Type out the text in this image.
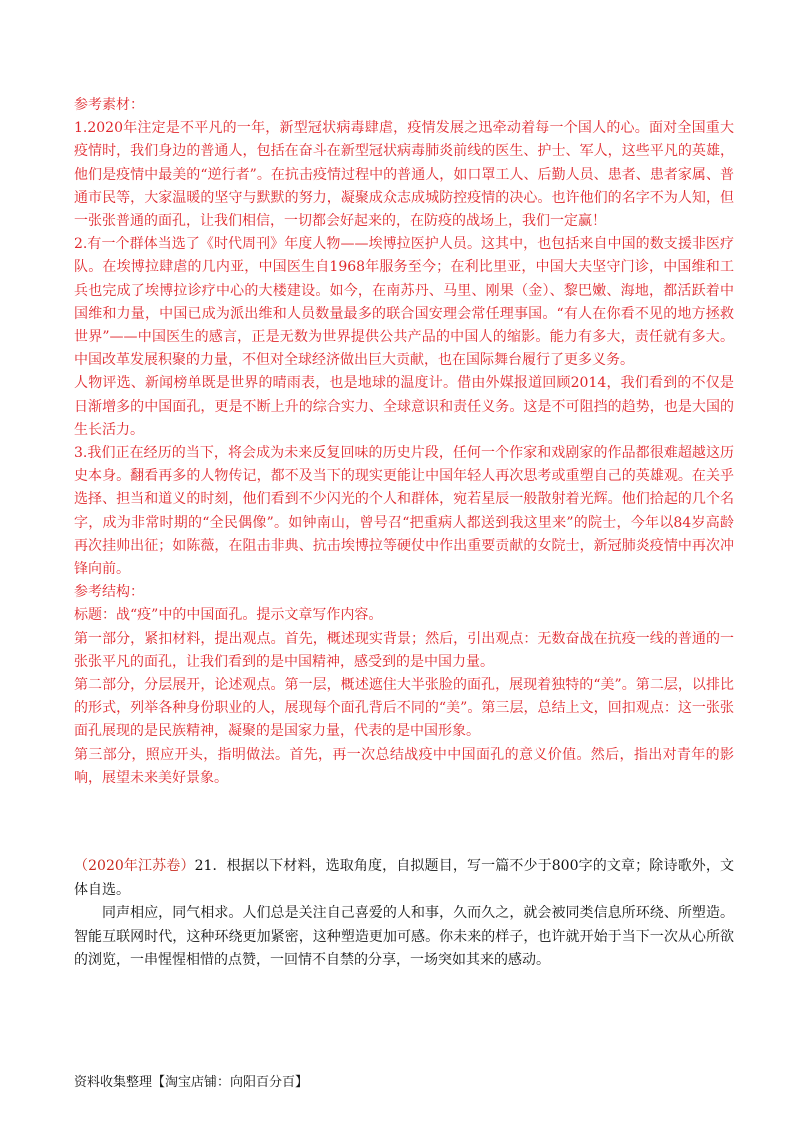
参考素材：

1.2020年注定是不平凡的一年，新型冠状病毒肆虐，疫情发展之迅牵动着每一个国人的心。面对全国重大疫情时，我们身边的普通人，包括在奋斗在新型冠状病毒肺炎前线的医生、护士、军人，这些平凡的英雄，他们是疫情中最美的“逆行者”。在抗击疫情过程中的普通人，如口罩工人、后勤人员、患者、患者家属、普通市民等，大家温暖的坚守与默默的努力，凝聚成众志成城防控疫情的决心。也许他们的名字不为人知，但一张张普通的面孔，让我们相信，一切都会好起来的，在防疫的战场上，我们一定赢！

2.有一个群体当选了《时代周刊》年度人物——埃博拉医护人员。这其中，也包括来自中国的数支援非医疗队。在埃博拉肆虐的几内亚，中国医生自1968年服务至今；在利比里亚，中国大夫坚守门诊，中国维和工兵也完成了埃博拉诊疗中心的大楼建设。如今，在南苏丹、马里、刚果（金）、黎巴嫩、海地，都活跃着中国维和力量，中国已成为派出维和人员数量最多的联合国安理会常任理事国。“有人在你看不见的地方拯救世界”——中国医生的感言，正是无数为世界提供公共产品的中国人的缩影。能力有多大，责任就有多大。中国改革发展积聚的力量，不但对全球经济做出巨大贡献，也在国际舞台履行了更多义务。

人物评选、新闻榜单既是世界的晴雨表，也是地球的温度计。借由外媒报道回顾2014，我们看到的不仅是日渐增多的中国面孔，更是不断上升的综合实力、全球意识和责任义务。这是不可阻挡的趋势，也是大国的生长活力。

3.我们正在经历的当下，将会成为未来反复回味的历史片段，任何一个作家和戏剧家的作品都很难超越这历史本身。翻看再多的人物传记，都不及当下的现实更能让中国年轻人再次思考或重塑自己的英雄观。在关乎选择、担当和道义的时刻，他们看到不少闪光的个人和群体，宛若星辰一般散射着光辉。他们拾起的几个名字，成为非常时期的“全民偶像”。如钟南山，曾号召“把重病人都送到我这里来”的院士，今年以84岁高龄再次挂帅出征；如陈薇，在阻击非典、抗击埃博拉等硬仗中作出重要贡献的女院士，新冠肺炎疫情中再次冲锋向前。

参考结构：

标题：战“疫”中的中国面孔。提示文章写作内容。

第一部分，紧扣材料，提出观点。首先，概述现实背景；然后，引出观点：无数奋战在抗疫一线的普通的一张张平凡的面孔，让我们看到的是中国精神，感受到的是中国力量。

第二部分，分层展开，论述观点。第一层，概述遮住大半张脸的面孔，展现着独特的“美”。第二层，以排比的形式，列举各种身份职业的人，展现每个面孔背后不同的“美”。第三层，总结上文，回扣观点：这一张张面孔展现的是民族精神，凝聚的是国家力量，代表的是中国形象。

第三部分，照应开头，指明做法。首先，再一次总结战疫中中国面孔的意义价值。然后，指出对青年的影响，展望未来美好景象。

（2020年江苏卷）21．根据以下材料，选取角度，自拟题目，写一篇不少于800字的文章；除诗歌外，文体自选。

同声相应，同气相求。人们总是关注自己喜爱的人和事，久而久之，就会被同类信息所环绕、所塑造。智能互联网时代，这种环绕更加紧密，这种塑造更加可感。你未来的样子，也许就开始于当下一次从心所欲的浏览，一串惺惺相惜的点赞，一回情不自禁的分享，一场突如其来的感动。

资料收集整理【淘宝店铺：向阳百分百】
